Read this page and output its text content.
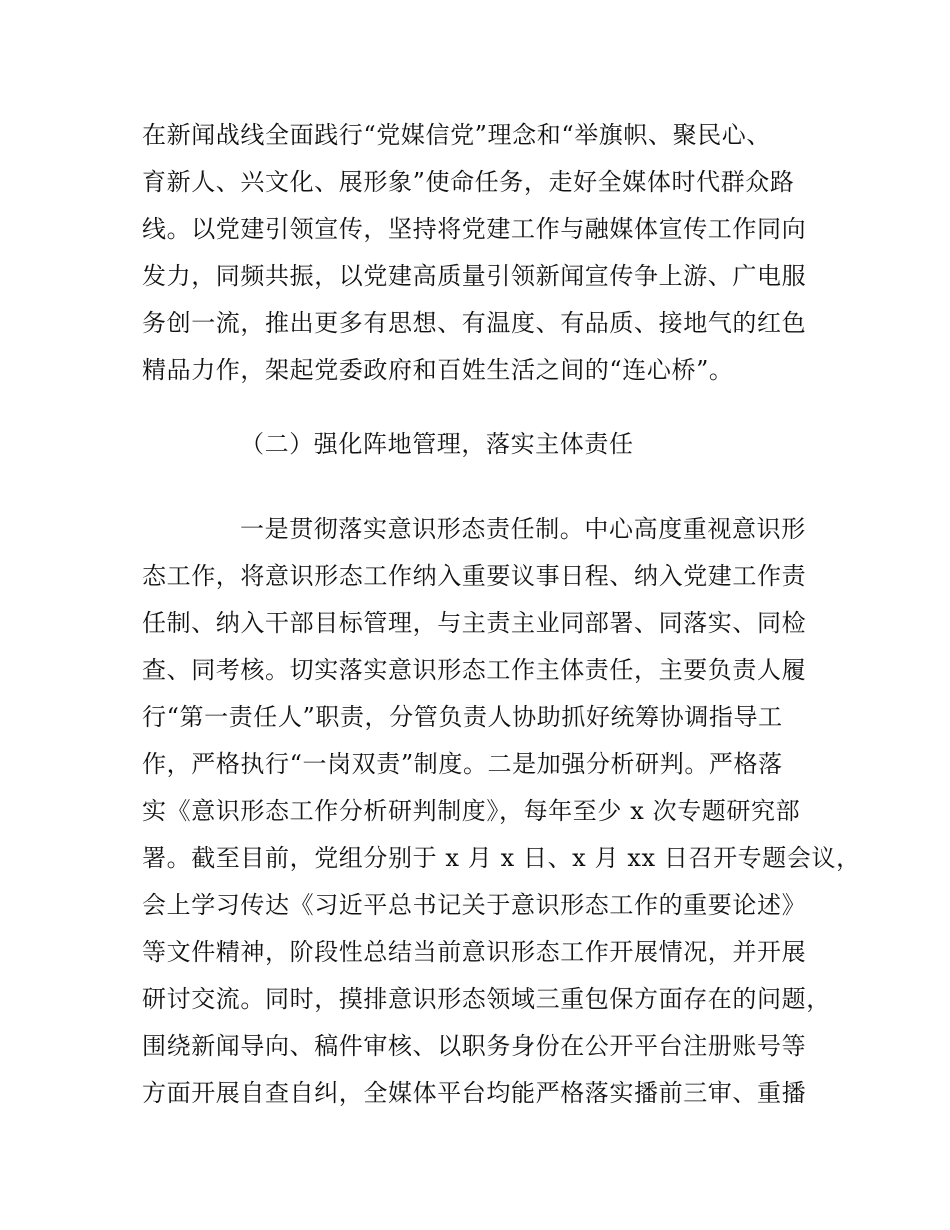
在新闻战线全面践行“党媒信党”理念和“举旗帜、聚民心、
育新人、兴文化、展形象”使命任务，走好全媒体时代群众路
线。以党建引领宣传，坚持将党建工作与融媒体宣传工作同向
发力，同频共振，以党建高质量引领新闻宣传争上游、广电服
务创一流，推出更多有思想、有温度、有品质、接地气的红色
精品力作，架起党委政府和百姓生活之间的“连心桥”。
（二）强化阵地管理，落实主体责任
一是贯彻落实意识形态责任制。中心高度重视意识形
态工作，将意识形态工作纳入重要议事日程、纳入党建工作责
任制、纳入干部目标管理，与主责主业同部署、同落实、同检
查、同考核。切实落实意识形态工作主体责任，主要负责人履
行“第一责任人”职责，分管负责人协助抓好统筹协调指导工
作，严格执行“一岗双责”制度。二是加强分析研判。严格落
实《意识形态工作分析研判制度》，每年至少 x 次专题研究部
署。截至目前，党组分别于 x 月 x 日、x 月 xx 日召开专题会议，
会上学习传达《习近平总书记关于意识形态工作的重要论述》
等文件精神，阶段性总结当前意识形态工作开展情况，并开展
研讨交流。同时，摸排意识形态领域三重包保方面存在的问题，
围绕新闻导向、稿件审核、以职务身份在公开平台注册账号等
方面开展自查自纠，全媒体平台均能严格落实播前三审、重播
